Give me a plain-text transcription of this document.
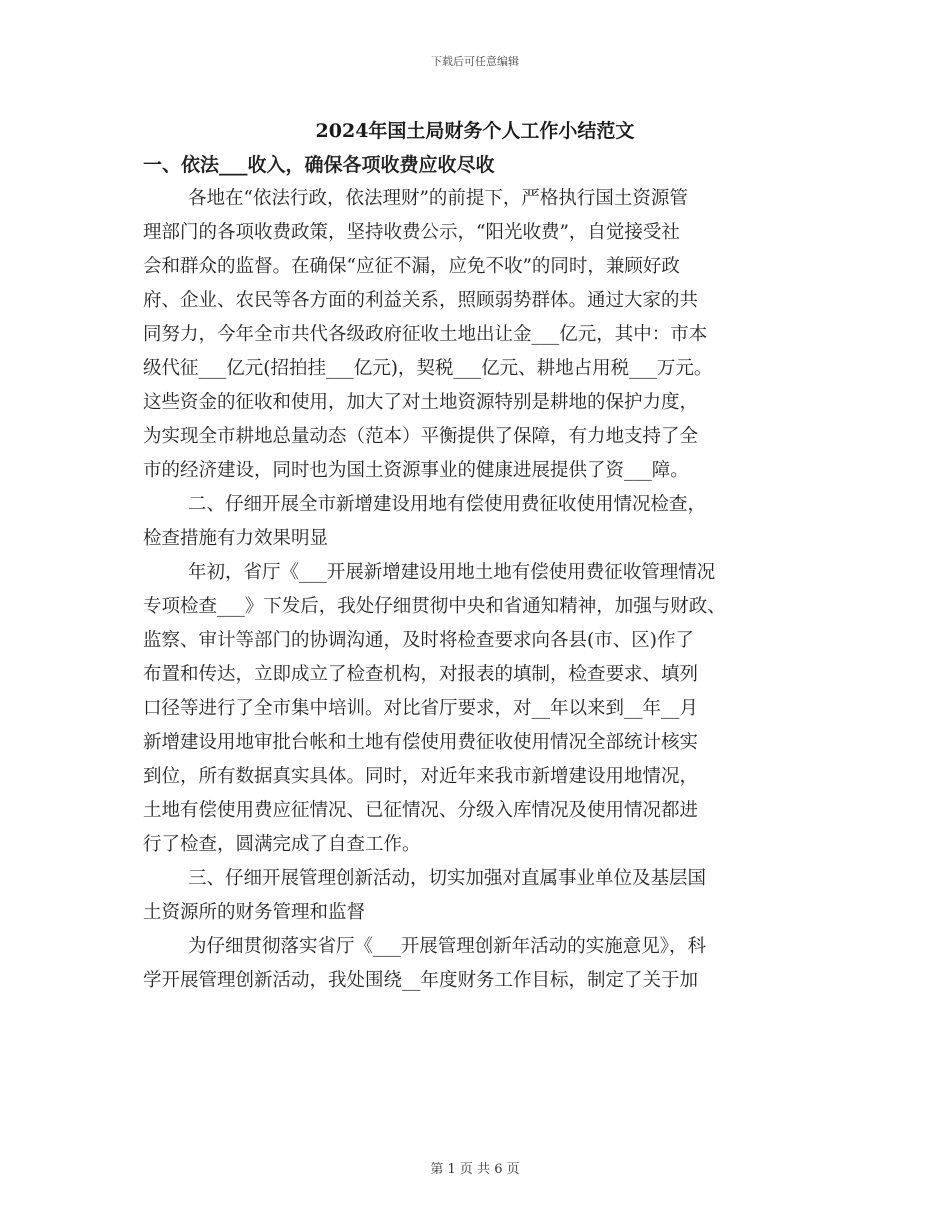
下载后可任意编辑
2024年国土局财务个人工作小结范文
一、依法___收入，确保各项收费应收尽收
各地在“依法行政，依法理财”的前提下，严格执行国土资源管
理部门的各项收费政策，坚持收费公示，“阳光收费”，自觉接受社
会和群众的监督。在确保“应征不漏，应免不收”的同时，兼顾好政
府、企业、农民等各方面的利益关系，照顾弱势群体。通过大家的共
同努力，今年全市共代各级政府征收土地出让金___亿元，其中：市本
级代征___亿元(招拍挂___亿元)，契税___亿元、耕地占用税___万元。
这些资金的征收和使用，加大了对土地资源特别是耕地的保护力度，
为实现全市耕地总量动态（范本）平衡提供了保障，有力地支持了全
市的经济建设，同时也为国土资源事业的健康进展提供了资___障。
二、仔细开展全市新增建设用地有偿使用费征收使用情况检查，
检查措施有力效果明显
年初，省厅《___开展新增建设用地土地有偿使用费征收管理情况
专项检查___》下发后，我处仔细贯彻中央和省通知精神，加强与财政、
监察、审计等部门的协调沟通，及时将检查要求向各县(市、区)作了
布置和传达，立即成立了检查机构，对报表的填制，检查要求、填列
口径等进行了全市集中培训。对比省厅要求，对__年以来到__年__月
新增建设用地审批台帐和土地有偿使用费征收使用情况全部统计核实
到位，所有数据真实具体。同时，对近年来我市新增建设用地情况，
土地有偿使用费应征情况、已征情况、分级入库情况及使用情况都进
行了检查，圆满完成了自查工作。
三、仔细开展管理创新活动，切实加强对直属事业单位及基层国
土资源所的财务管理和监督
为仔细贯彻落实省厅《___开展管理创新年活动的实施意见》，科
学开展管理创新活动，我处围绕__年度财务工作目标，制定了关于加
第 1 页 共 6 页
